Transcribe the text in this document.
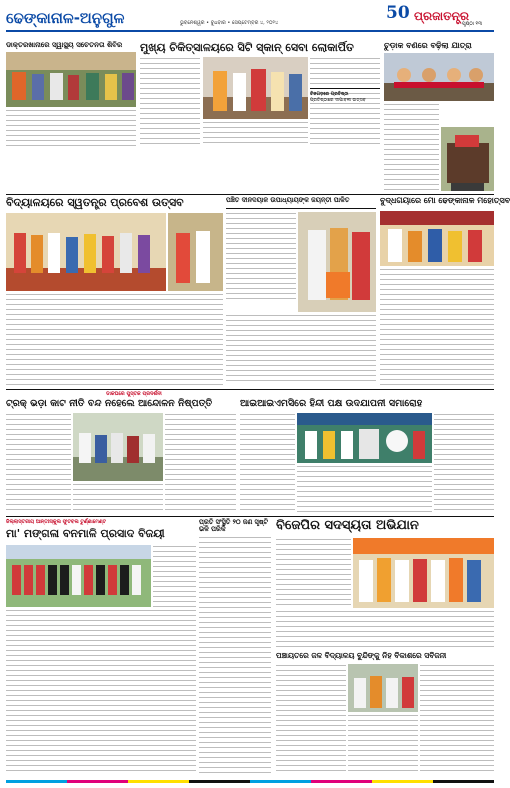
ଢେଙ୍କାନାଳ-ଅନୁଗୁଳ	ଭୁବନେଶ୍ୱର • ବୁଧବାର • ସେପ୍ଟେମ୍ବର ୪, ୨୦୨୪	50 ପ୍ରଜାତନ୍ତ୍ର
ପୃଷ୍ଠା ୧୩
ଡାକ୍ତରଖାନାରେ ସ୍ୱାସ୍ଥ୍ୟ ସଚେତନତା ଶିବିର	ମୁଖ୍ୟ ଚିକିତ୍ସାଳୟରେ ସିଟି ସ୍କାନ୍ ସେବା ଲୋକାର୍ପିତ	ଚୁଡ଼ାକ ବଣରେ ବଢ଼ିଲା ଯାତ୍ରା
ଚିଜଗଡ଼ରେ ପ୍ରତିଷ୍ଠା
ପ୍ରତିଷ୍ଠାରେ ଦୀପାବଳୀ ଉତ୍ସବ
ବିଦ୍ୟାଳୟରେ ସ୍ୱତନ୍ତ୍ର ପ୍ରବେଶ ଉତ୍ସବ	ପଞ୍ଚିତ ଦୀନଦୟାଳ ଉପାଧ୍ୟାୟଙ୍କ ଜୟନ୍ତୀ ପାଳିତ	ବୁଦ୍ଧଗୟାରେ ମୋ ଢେଙ୍କାନାଳ ମହୋତ୍ସବ
ଡାକଘରେ ପୁସ୍ତକ ପ୍ରଦର୍ଶନୀ
ଟ୍ରକ୍ ଭଡ଼ା କାଟ ନୀତି ବନ୍ଦ ନହେଲେ ଆନ୍ଦୋଳନ ନିଷ୍ପତ୍ତି	ଆଇଆଇଏମସିରେ ହିନ୍ଦୀ ପକ୍ଷ ଉଦଯାପନୀ ସମାରୋହ
ଜିଲ୍ଲାସ୍ତରୀୟ ଆନ୍ତଃସ୍କୁଲ ଫୁଟବଲ ଟୁର୍ଣ୍ଣାମେଣ୍ଟ
ମା' ମଙ୍ଗଳା ବନମାଳି ପ୍ରସାଦ ବିଜୟୀ
ପ୍ରତି ସଂସ୍ଥିତି ୨୦ ଜଣ ସୃଷ୍ଟି ଭଳି ପରିକି	ବିଜେପିର ସଦସ୍ୟତା ଅଭିଯାନ
ପଞ୍ଚାୟତରେ ଜଳ ବିଦ୍ୟାଳୟ ବୁନ୍ଦିଙ୍କୁ ନିହ ବିକାଶରେ ସବିଜନୀ
